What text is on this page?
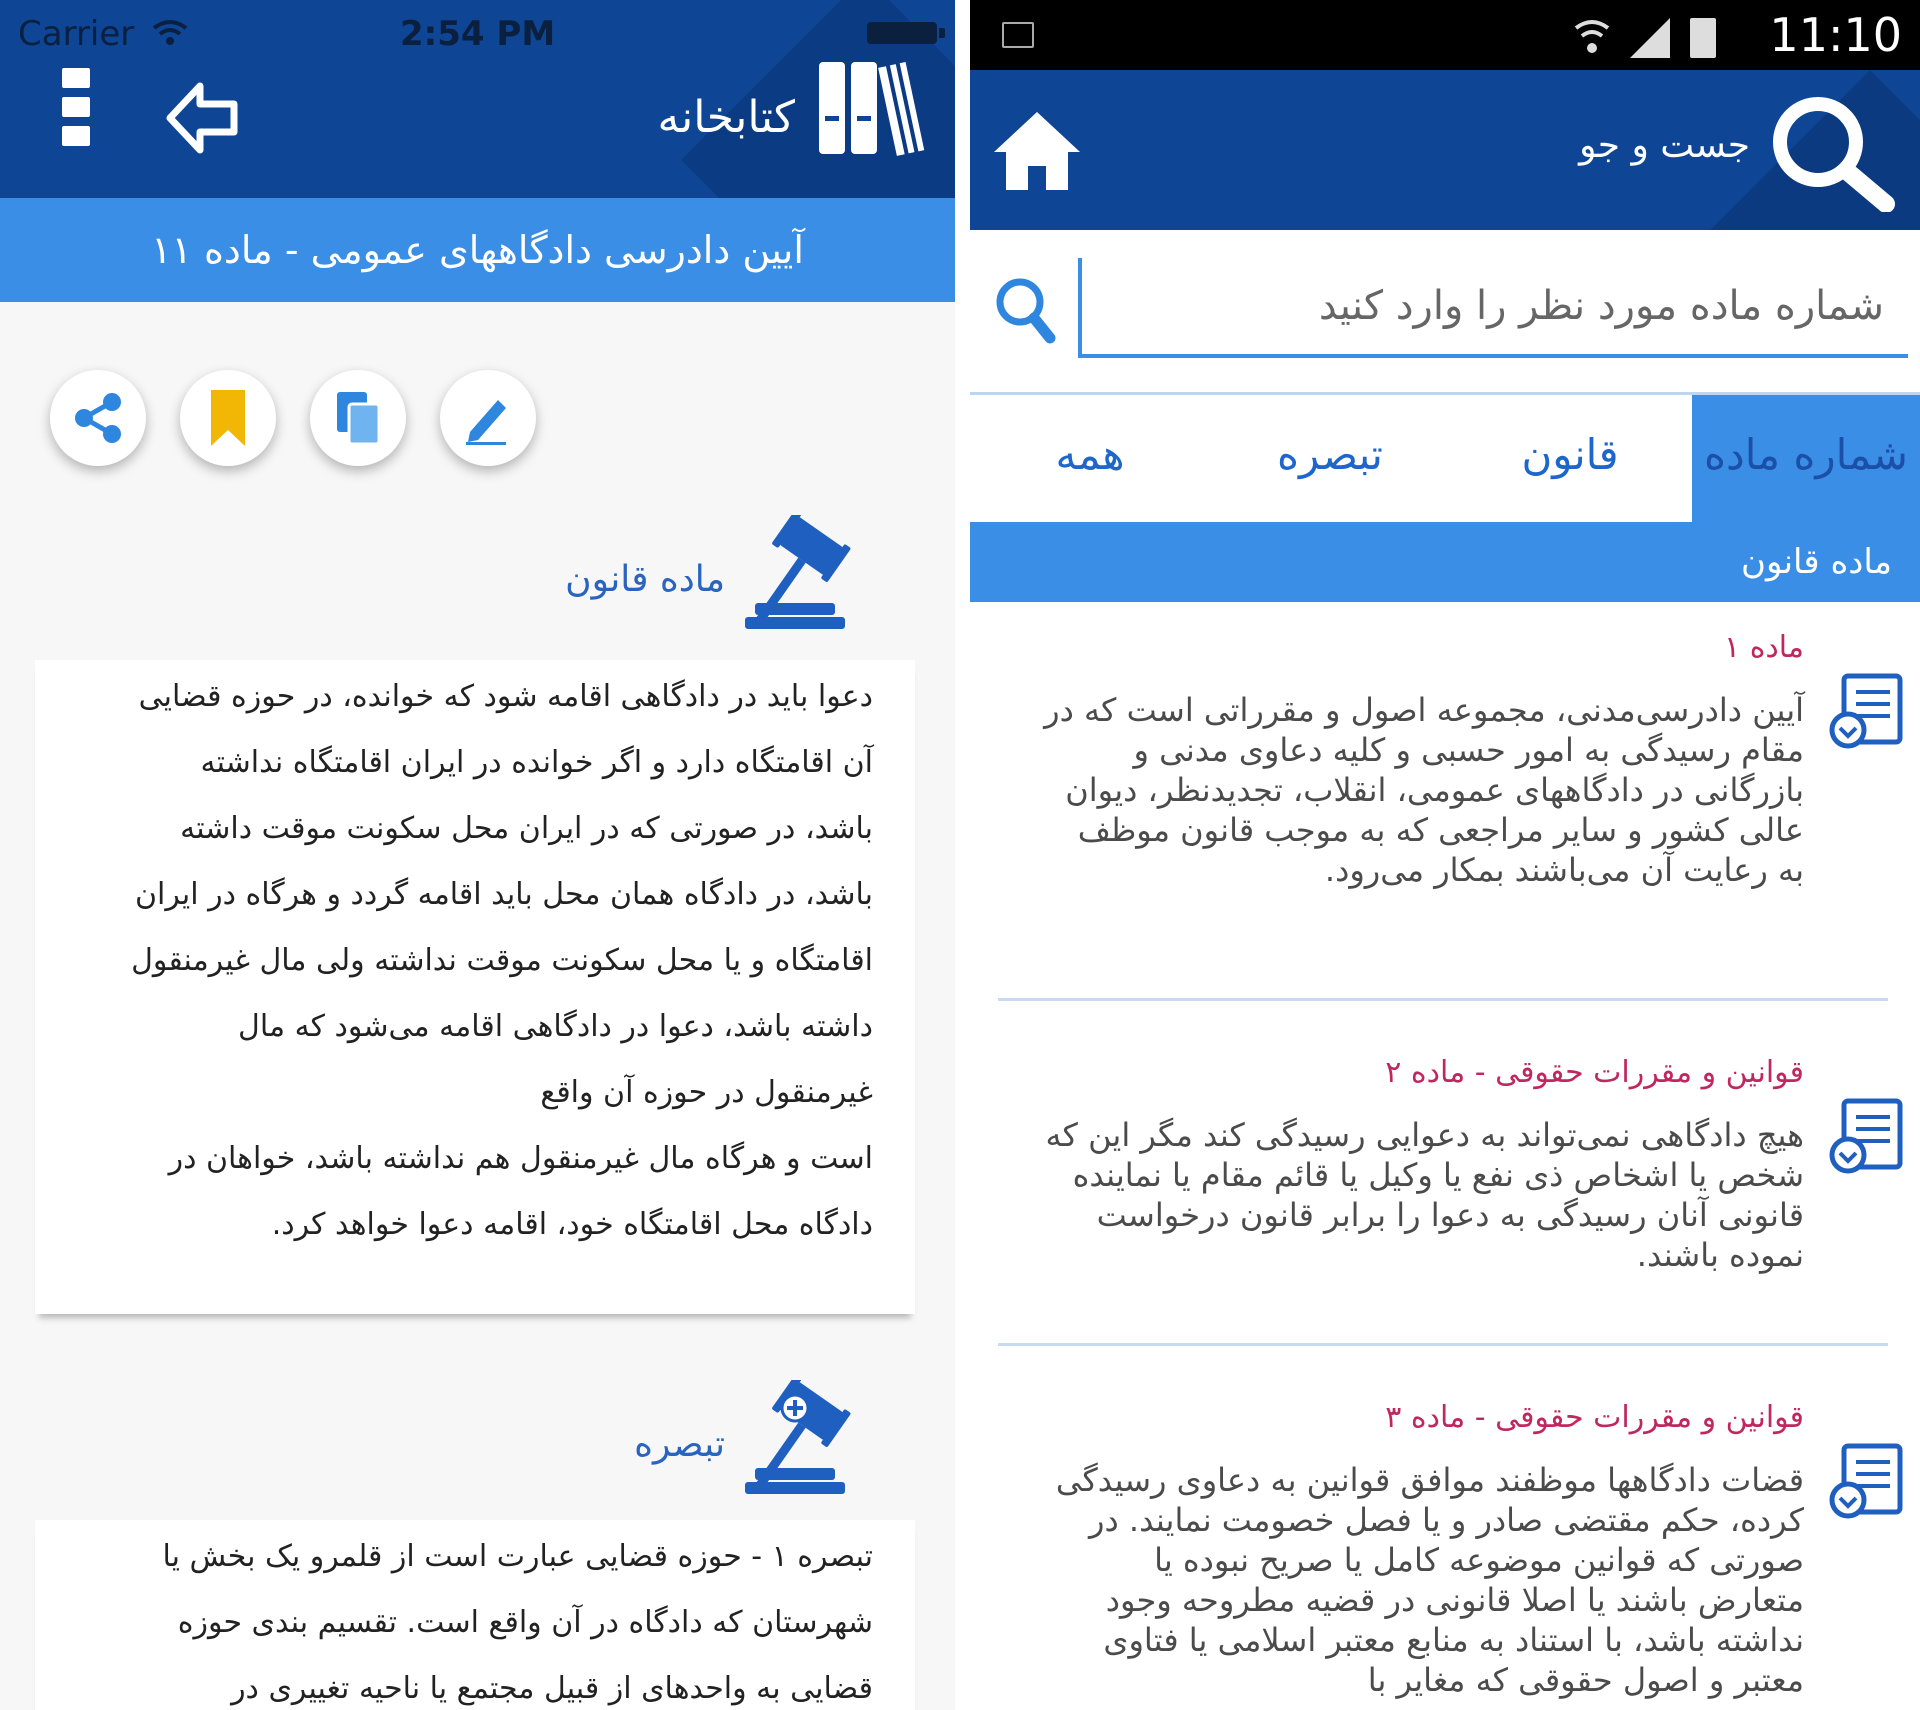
Carrier	2:54 PM
کتابخانه
آیین دادرسی دادگاههای عمومی - ماده ۱۱
ماده قانون

دعوا باید در دادگاهی اقامه شود که خوانده، در حوزه قضایی

آن اقامتگاه دارد و اگر خوانده در ایران اقامتگاه نداشته

باشد، در صورتی که در ایران محل سکونت موقت داشته

باشد، در دادگاه همان محل باید اقامه گردد و هرگاه در ایران

اقامتگاه و یا محل سکونت موقت نداشته ولی مال غیرمنقول

داشته باشد، دعوا در دادگاهی اقامه می‌شود که مال

غیرمنقول در حوزه آن واقع

است و هرگاه مال غیرمنقول هم نداشته باشد، خواهان در

دادگاه محل اقامتگاه خود، اقامه دعوا خواهد کرد.

تبصره

تبصره ۱ - حوزه قضایی عبارت است از قلمرو یک بخش یا

شهرستان که دادگاه در آن واقع است. تقسیم بندی حوزه

قضایی به واحدهای از قبیل مجتمع یا ناحیه تغییری در

11:10
جست و جو
شماره ماده مورد نظر را وارد کنید
همه	تبصره	قانون	شماره ماده
ماده قانون
ماده ۱
آیین دادرسی‌مدنی، مجموعه اصول و مقرراتی است که در مقام رسیدگی به امور حسبی و کلیه دعاوی مدنی و بازرگانی در دادگاههای عمومی، انقلاب، تجدیدنظر، دیوان عالی کشور و سایر مراجعی که به موجب قانون موظف به رعایت آن می‌باشند بمکار می‌رود.
قوانین و مقررات حقوقی - ماده ۲
هیچ دادگاهی نمی‌تواند به دعوایی رسیدگی کند مگر این که شخص یا اشخاص ذی نفع یا وکیل یا قائم مقام یا نماینده قانونی آنان رسیدگی به دعوا را برابر قانون درخواست نموده باشند.
قوانین و مقررات حقوقی - ماده ۳
قضات دادگاهها موظفند موافق قوانین به دعاوی رسیدگی کرده، حکم مقتضی صادر و یا فصل خصومت نمایند. در صورتی که قوانین موضوعه کامل یا صریح نبوده یا متعارض باشند یا اصلا قانونی در قضیه مطروحه وجود نداشته باشد، با استناد به منابع معتبر اسلامی یا فتاوی معتبر و اصول حقوقی که مغایر با
